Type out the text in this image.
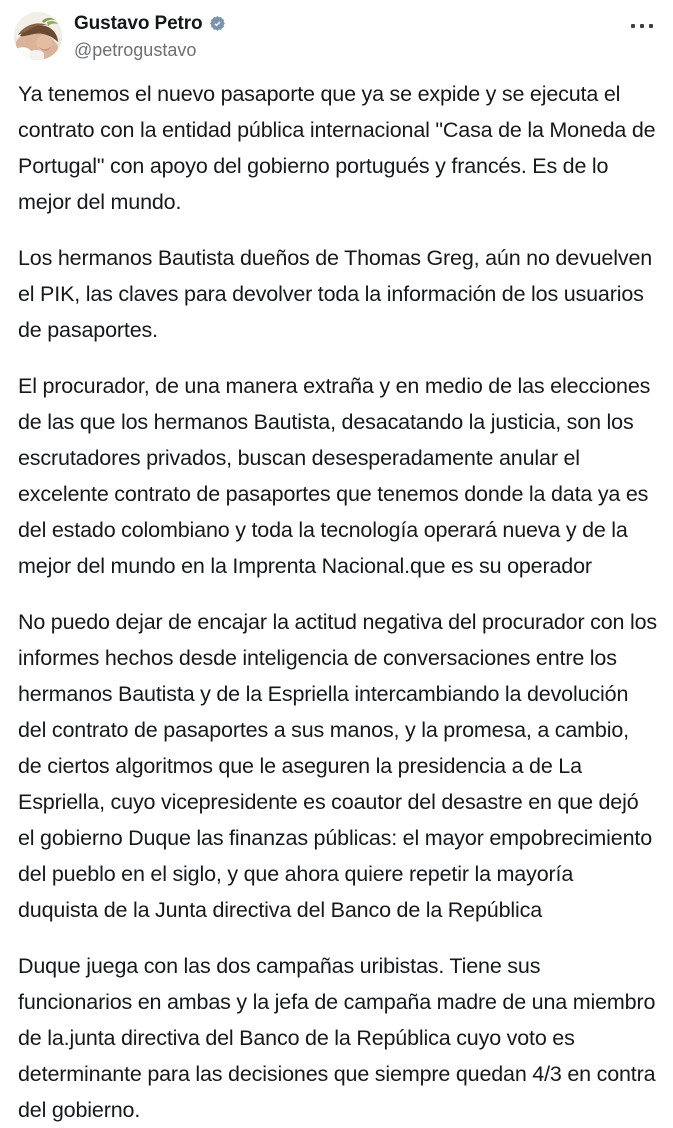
Gustavo Petro
@petrogustavo

Ya tenemos el nuevo pasaporte que ya se expide y se ejecuta el contrato con la entidad pública internacional "Casa de la Moneda de Portugal" con apoyo del gobierno portugués y francés. Es de lo mejor del mundo.

Los hermanos Bautista dueños de Thomas Greg, aún no devuelven el PIK, las claves para devolver toda la información de los usuarios de pasaportes.

El procurador, de una manera extraña y en medio de las elecciones de las que los hermanos Bautista, desacatando la justicia, son los escrutadores privados, buscan desesperadamente anular el excelente contrato de pasaportes que tenemos donde la data ya es del estado colombiano y toda la tecnología operará nueva y de la mejor del mundo en la Imprenta Nacional.que es su operador

No puedo dejar de encajar la actitud negativa del procurador con los informes hechos desde inteligencia de conversaciones entre los hermanos Bautista y de la Espriella intercambiando la devolución del contrato de pasaportes a sus manos, y la promesa, a cambio, de ciertos algoritmos que le aseguren la presidencia a de La Espriella, cuyo vicepresidente es coautor del desastre en que dejó el gobierno Duque las finanzas públicas: el mayor empobrecimiento del pueblo en el siglo, y que ahora quiere repetir la mayoría duquista de la Junta directiva del Banco de la República

Duque juega con las dos campañas uribistas. Tiene sus funcionarios en ambas y la jefa de campaña madre de una miembro de la.junta directiva del Banco de la República cuyo voto es determinante para las decisiones que siempre quedan 4/3 en contra del gobierno.
